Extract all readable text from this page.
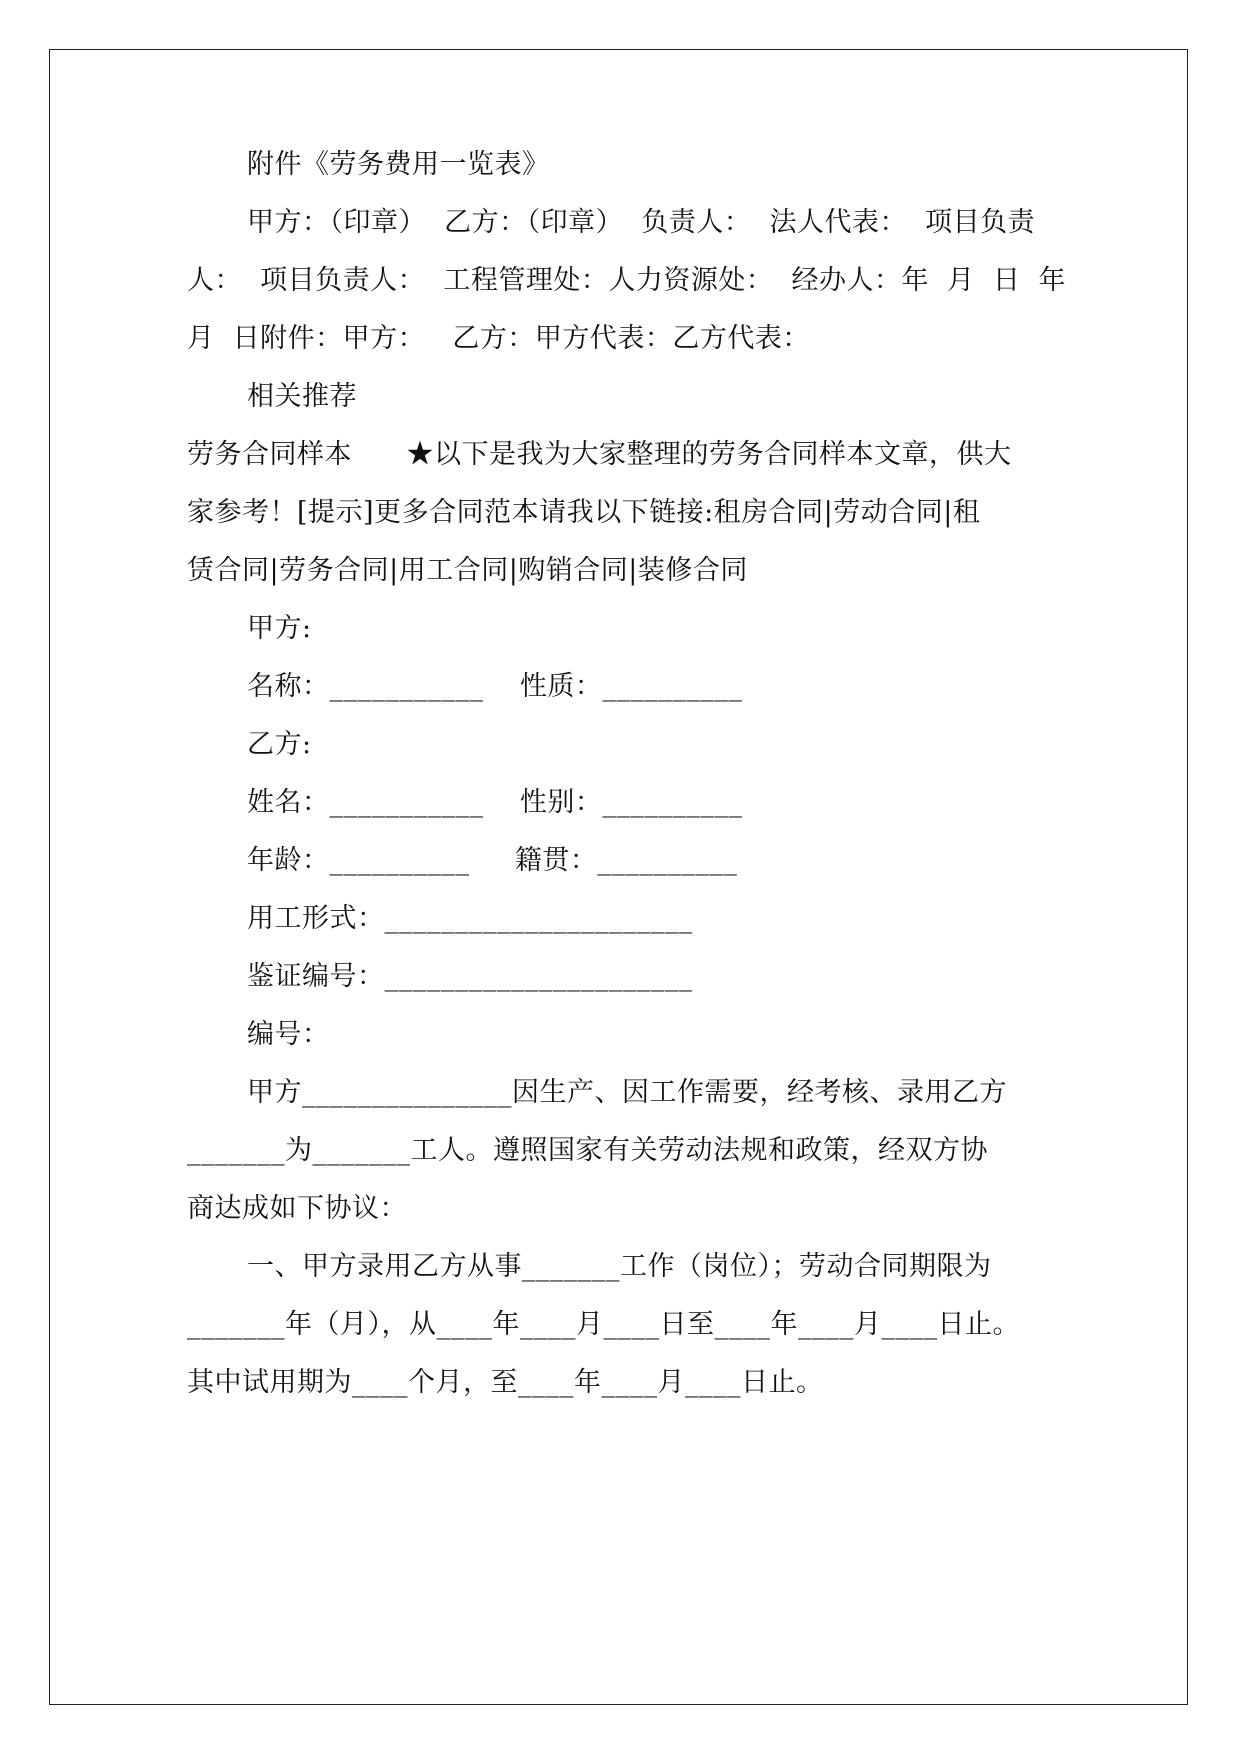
附件《劳务费用一览表》
甲方：（印章）  乙方：（印章）  负责人：  法人代表：  项目负责
人：  项目负责人：  工程管理处：人力资源处：  经办人：年  月  日  年
月  日附件：甲方：   乙方：甲方代表：乙方代表：
相关推荐
劳务合同样本      ★以下是我为大家整理的劳务合同样本文章，供大
家参考！[提示]更多合同范本请我以下链接:租房合同|劳动合同|租
赁合同|劳务合同|用工合同|购销合同|装修合同
甲方:
名称：___________    性质：__________
乙方:
姓名：___________    性别：__________
年龄：__________     籍贯：__________
用工形式：______________________
鉴证编号：______________________
编号：
甲方_______________因生产、因工作需要，经考核、录用乙方
_______为_______工人。遵照国家有关劳动法规和政策，经双方协
商达成如下协议：
一、甲方录用乙方从事_______工作（岗位）；劳动合同期限为
_______年（月），从____年____月____日至____年____月____日止。
其中试用期为____个月，至____年____月____日止。
